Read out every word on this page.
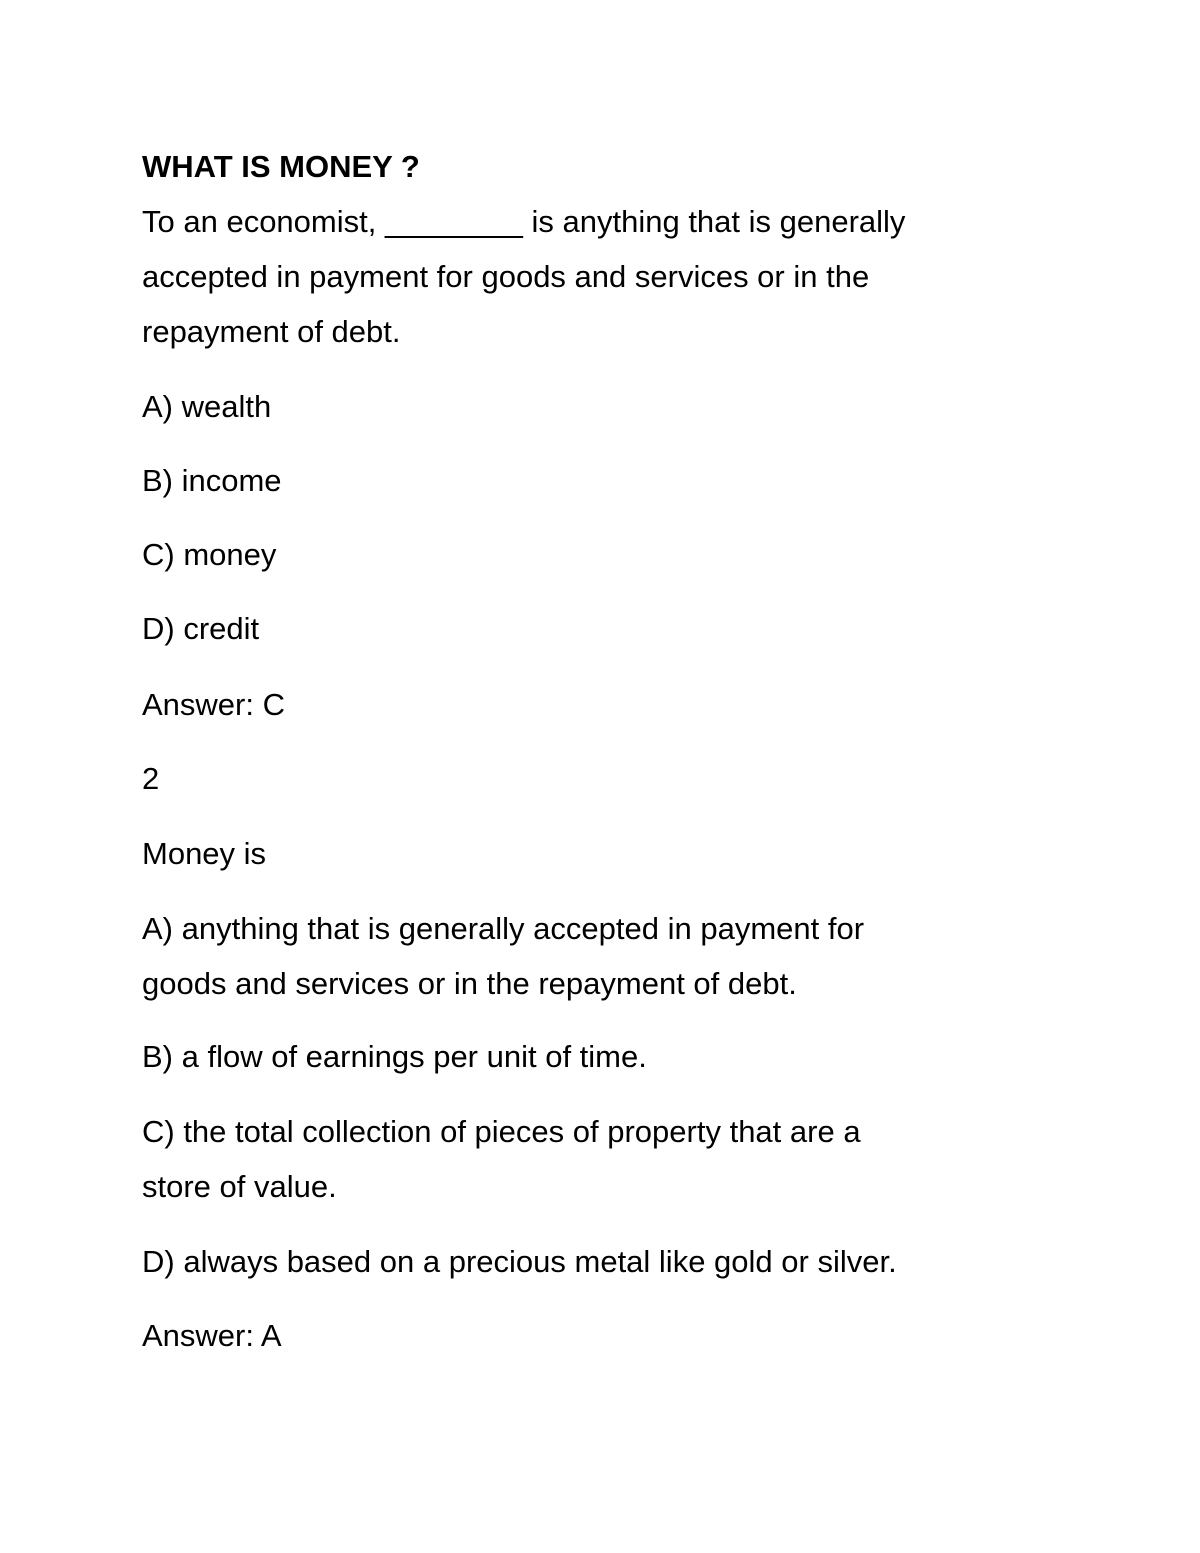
WHAT IS MONEY ?

To an economist, ________ is anything that is generally

accepted in payment for goods and services or in the

repayment of debt.

A) wealth

B) income

C) money

D) credit

Answer: C

2

Money is

A) anything that is generally accepted in payment for

goods and services or in the repayment of debt.

B) a flow of earnings per unit of time.

C) the total collection of pieces of property that are a

store of value.

D) always based on a precious metal like gold or silver.

Answer: A
